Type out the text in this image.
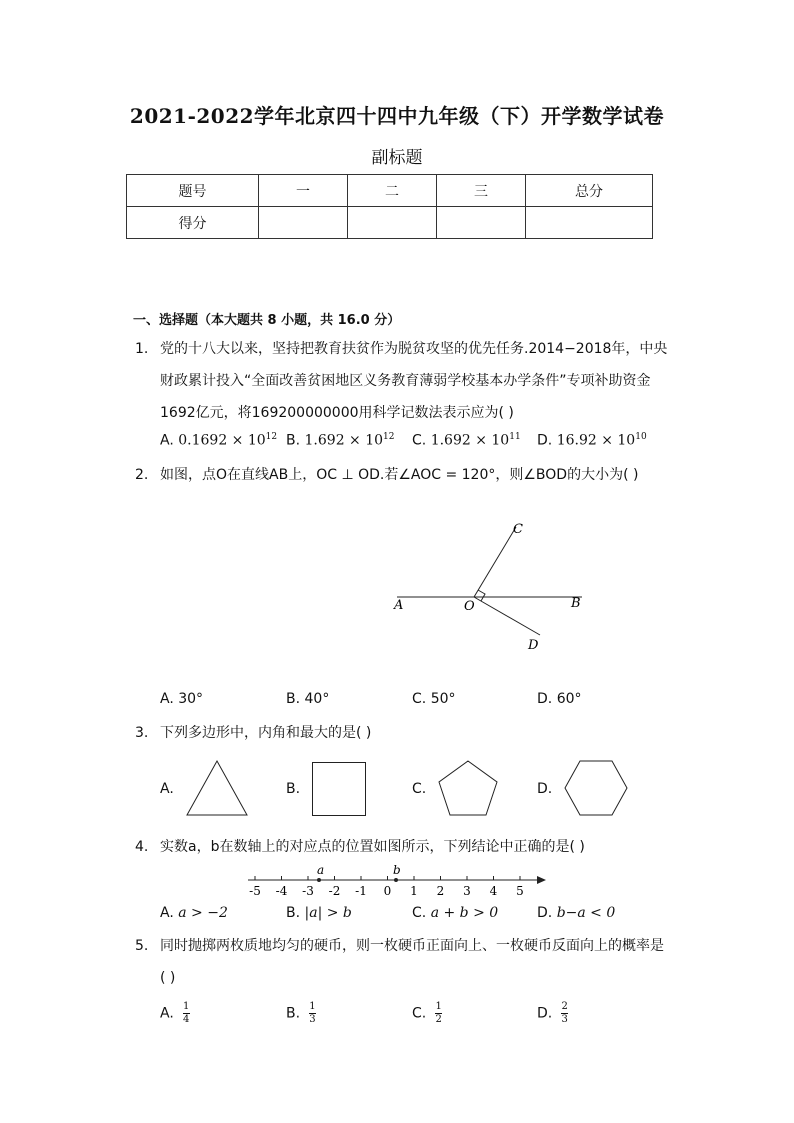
2021-2022学年北京四十四中九年级（下）开学数学试卷
副标题
题号	一	二	三	总分
得分				
一、选择题（本大题共 8 小题，共 16.0 分）
1. 党的十八大以来，坚持把教育扶贫作为脱贫攻坚的优先任务.2014−2018年，中央
财政累计投入“全面改善贫困地区义务教育薄弱学校基本办学条件”专项补助资金
1692亿元，将169200000000用科学记数法表示应为( )
A. $0.1692 \times 10^{12}$ B. $1.692 \times 10^{12}$ C. $1.692 \times 10^{11}$ D. $16.92 \times 10^{10}$
2. 如图，点O在直线AB上，OC ⊥ OD.若∠AOC = 120°，则∠BOD的大小为( )
A	O	B
C
D
A. 30°	B. 40°	C. 50°	D. 60°
3. 下列多边形中，内角和最大的是( )
A.	B.	C.	D.
4. 实数a，b在数轴上的对应点的位置如图所示，下列结论中正确的是( )
-5 -4 -3 -2 -1 0 1 2 3 4 5
a	b
A. a > −2	B. |a| > b	C. a + b > 0	D. b−a < 0
5. 同时抛掷两枚质地均匀的硬币，则一枚硬币正面向上、一枚硬币反面向上的概率是
( )
A. $\frac{1}{4}$	B. $\frac{1}{3}$	C. $\frac{1}{2}$	D. $\frac{2}{3}$
